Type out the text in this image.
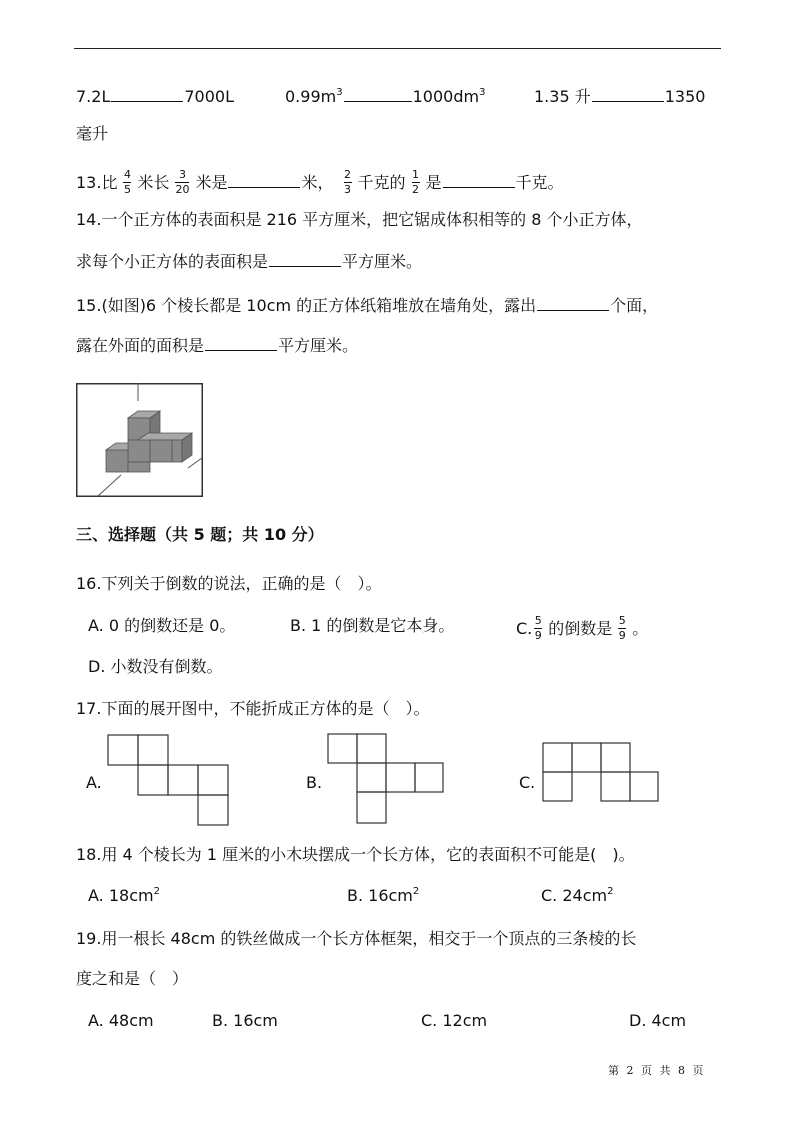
7.2L	7000L	$0.99m^3$	$1000dm^3$	1.35 升	1350
毫升
13.比 $\frac{4}{5}$ 米长 $\frac{3}{20}$ 米是	米， $\frac{2}{3}$ 千克的 $\frac{1}{2}$ 是	千克。
14.一个正方体的表面积是 216 平方厘米，把它锯成体积相等的 8 个小正方体，
求每个小正方体的表面积是	平方厘米。
15.(如图)6 个棱长都是 10cm 的正方体纸箱堆放在墙角处，露出	个面，
露在外面的面积是	平方厘米。
三、选择题（共 5 题；共 10 分）
16.下列关于倒数的说法，正确的是（　）。
A. 0 的倒数还是 0。	B. 1 的倒数是它本身。	C. $\frac{5}{9}$ 的倒数是 $\frac{5}{9}$ 。
D. 小数没有倒数。
17.下面的展开图中，不能折成正方体的是（　）。
A.	B.	C.
18.用 4 个棱长为 1 厘米的小木块摆成一个长方体，它的表面积不可能是(　)。
A. $18cm^2$	B. $16cm^2$	C. $24cm^2$
19.用一根长 48cm 的铁丝做成一个长方体框架，相交于一个顶点的三条棱的长
度之和是（　）
A. 48cm	B. 16cm	C. 12cm	D. 4cm
第 2 页 共 8 页
